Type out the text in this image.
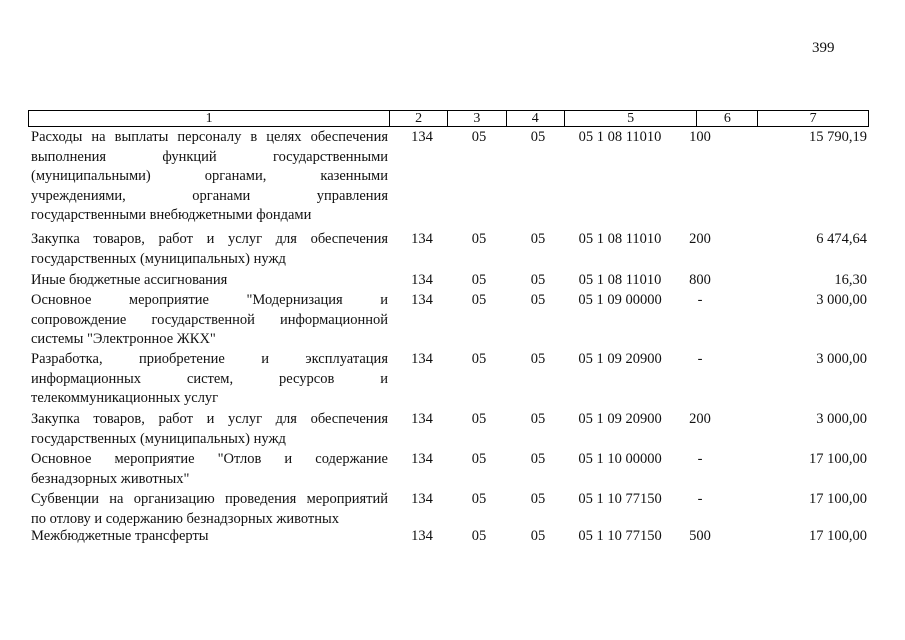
399
1	2	3	4	5	6	7
Расходы на выплаты персоналу в целях обеспечения
выполнения функций государственными
(муниципальными) органами, казенными
учреждениями, органами управления
государственными внебюджетными фондами
134	05	05	05 1 08 11010	100	15 790,19
Закупка товаров, работ и услуг для обеспечения
государственных (муниципальных) нужд
134	05	05	05 1 08 11010	200	6 474,64
Иные бюджетные ассигнования	134	05	05	05 1 08 11010	800	16,30
Основное мероприятие "Модернизация и
сопровождение государственной информационной
системы "Электронное ЖКХ"
134	05	05	05 1 09 00000	-	3 000,00
Разработка, приобретение и эксплуатация
информационных систем, ресурсов и
телекоммуникационных услуг
134	05	05	05 1 09 20900	-	3 000,00
Закупка товаров, работ и услуг для обеспечения
государственных (муниципальных) нужд
134	05	05	05 1 09 20900	200	3 000,00
Основное мероприятие "Отлов и содержание
безнадзорных животных"
134	05	05	05 1 10 00000	-	17 100,00
Субвенции на организацию проведения мероприятий
по отлову и содержанию безнадзорных животных
134	05	05	05 1 10 77150	-	17 100,00
Межбюджетные трансферты	134	05	05	05 1 10 77150	500	17 100,00
